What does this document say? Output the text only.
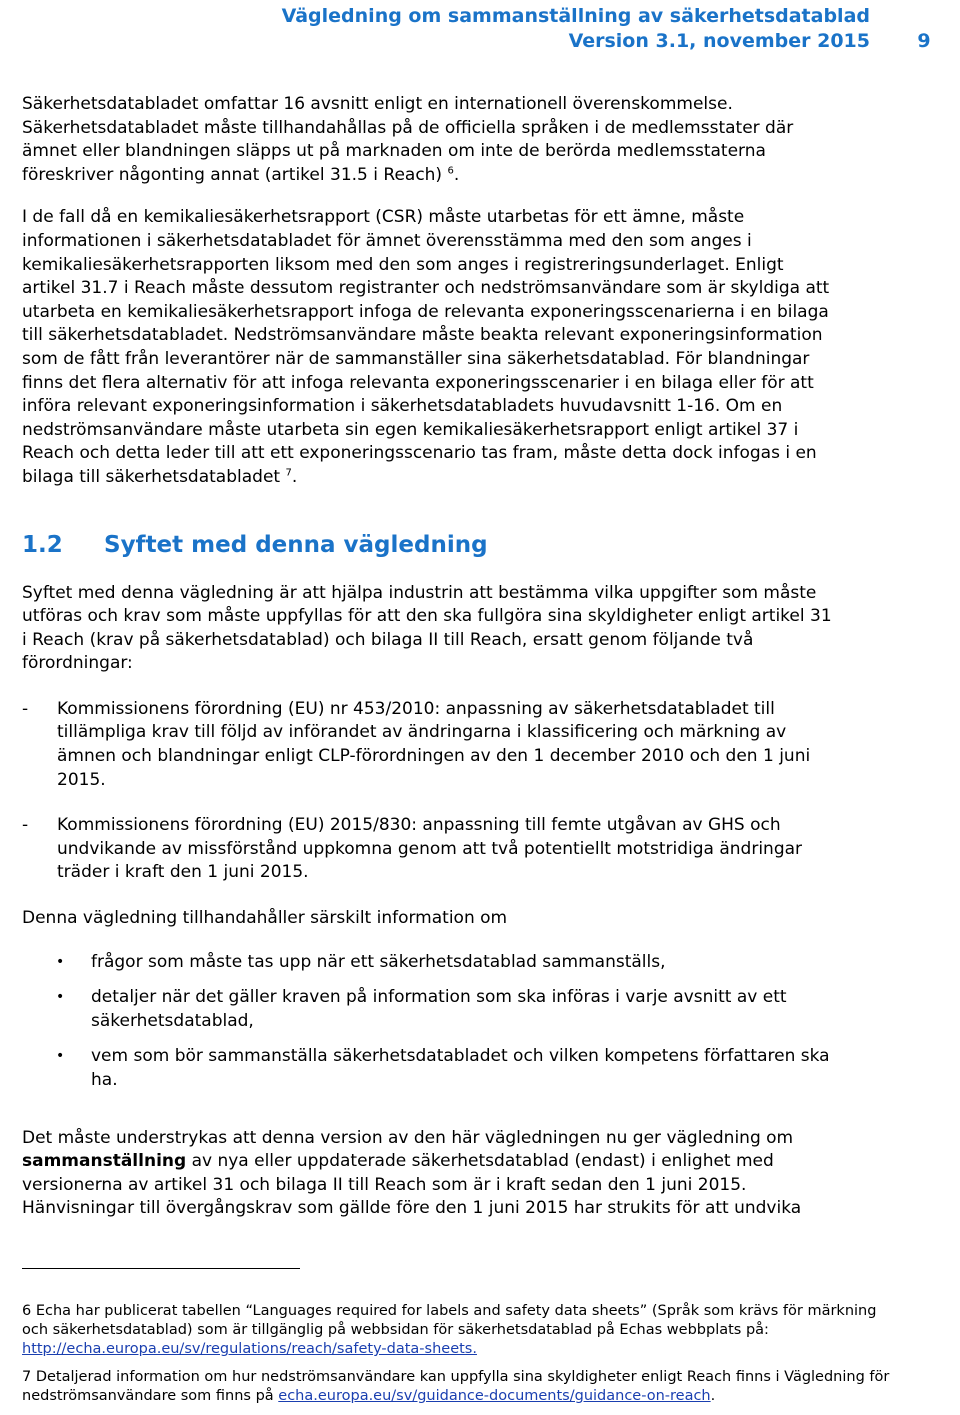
Vägledning om sammanställning av säkerhetsdatablad
Version 3.1, november 2015	9

Säkerhetsdatabladet omfattar 16 avsnitt enligt en internationell överenskommelse.
Säkerhetsdatabladet måste tillhandahållas på de officiella språken i de medlemsstater där
ämnet eller blandningen släpps ut på marknaden om inte de berörda medlemsstaterna
föreskriver någonting annat (artikel 31.5 i Reach) $^6$.

I de fall då en kemikaliesäkerhetsrapport (CSR) måste utarbetas för ett ämne, måste
informationen i säkerhetsdatabladet för ämnet överensstämma med den som anges i
kemikaliesäkerhetsrapporten liksom med den som anges i registreringsunderlaget. Enligt
artikel 31.7 i Reach måste dessutom registranter och nedströmsanvändare som är skyldiga att
utarbeta en kemikaliesäkerhetsrapport infoga de relevanta exponeringsscenarierna i en bilaga
till säkerhetsdatabladet. Nedströmsanvändare måste beakta relevant exponeringsinformation
som de fått från leverantörer när de sammanställer sina säkerhetsdatablad. För blandningar
finns det flera alternativ för att infoga relevanta exponeringsscenarier i en bilaga eller för att
införa relevant exponeringsinformation i säkerhetsdatabladets huvudavsnitt 1-16. Om en
nedströmsanvändare måste utarbeta sin egen kemikaliesäkerhetsrapport enligt artikel 37 i
Reach och detta leder till att ett exponeringsscenario tas fram, måste detta dock infogas i en
bilaga till säkerhetsdatabladet $^7$.

1.2 Syftet med denna vägledning

Syftet med denna vägledning är att hjälpa industrin att bestämma vilka uppgifter som måste
utföras och krav som måste uppfyllas för att den ska fullgöra sina skyldigheter enligt artikel 31
i Reach (krav på säkerhetsdatablad) och bilaga II till Reach, ersatt genom följande två
förordningar:

- Kommissionens förordning (EU) nr 453/2010: anpassning av säkerhetsdatabladet till
tillämpliga krav till följd av införandet av ändringarna i klassificering och märkning av
ämnen och blandningar enligt CLP-förordningen av den 1 december 2010 och den 1 juni
2015.
- Kommissionens förordning (EU) 2015/830: anpassning till femte utgåvan av GHS och
undvikande av missförstånd uppkomna genom att två potentiellt motstridiga ändringar
träder i kraft den 1 juni 2015.

Denna vägledning tillhandahåller särskilt information om

• frågor som måste tas upp när ett säkerhetsdatablad sammanställs,
• detaljer när det gäller kraven på information som ska införas i varje avsnitt av ett
säkerhetsdatablad,
• vem som bör sammanställa säkerhetsdatabladet och vilken kompetens författaren ska
ha.

Det måste understrykas att denna version av den här vägledningen nu ger vägledning om
sammanställning av nya eller uppdaterade säkerhetsdatablad (endast) i enlighet med
versionerna av artikel 31 och bilaga II till Reach som är i kraft sedan den 1 juni 2015.
Hänvisningar till övergångskrav som gällde före den 1 juni 2015 har strukits för att undvika

6 Echa har publicerat tabellen “Languages required for labels and safety data sheets” (Språk som krävs för märkning
och säkerhetsdatablad) som är tillgänglig på webbsidan för säkerhetsdatablad på Echas webbplats på:
http://echa.europa.eu/sv/regulations/reach/safety-data-sheets.
7 Detaljerad information om hur nedströmsanvändare kan uppfylla sina skyldigheter enligt Reach finns i Vägledning för
nedströmsanvändare som finns på echa.europa.eu/sv/guidance-documents/guidance-on-reach.
